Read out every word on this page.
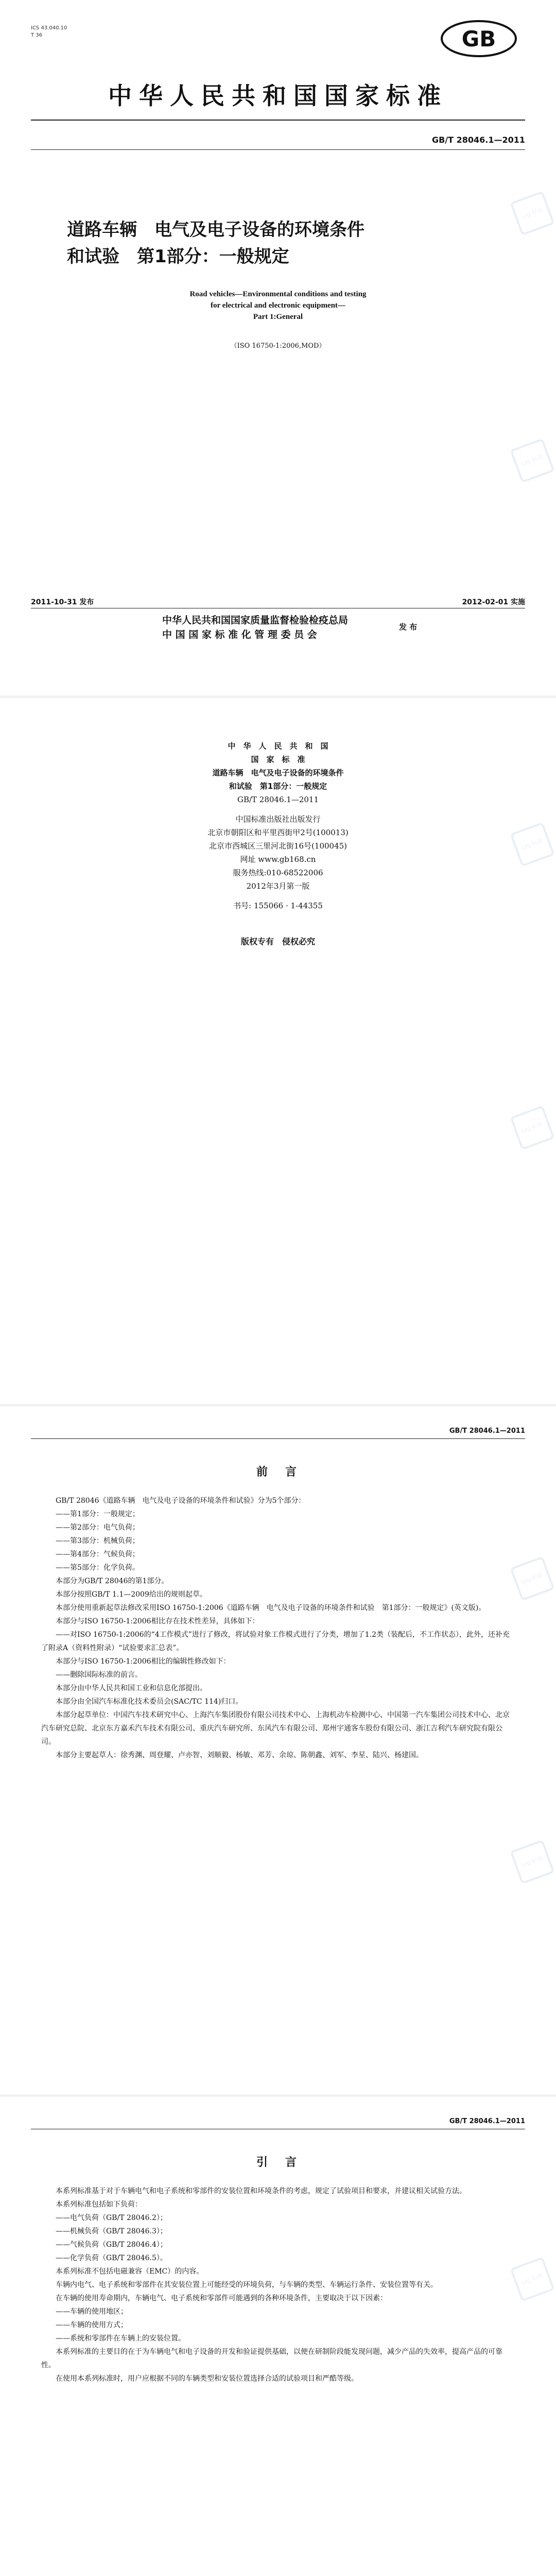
ICS 43.040.10
T 36	GB
中华人民共和国国家标准
GB/T 28046.1—2011
道路车辆　电气及电子设备的环境条件
和试验　第1部分：一般规定
Road vehicles—Environmental conditions and testing
for electrical and electronic equipment—
Part 1:General
（ISO 16750-1:2006,MOD）
2011-10-31 发布	2012-02-01 实施
中华人民共和国国家质量监督检验检疫总局
中 国 国 家 标 准 化 管 理 委 员 会
发 布
Lrg 标准
Lrg 标准
中　华　人　民　共　和　国
国　家　标　准
道路车辆　电气及电子设备的环境条件
和试验　第1部分：一般规定
GB/T 28046.1—2011
中国标准出版社出版发行
北京市朝阳区和平里西街甲2号(100013)
北京市西城区三里河北街16号(100045)
网址 www.gb168.cn
服务热线:010-68522006
2012年3月第一版
书号: 155066 · 1-44355
版权专有　侵权必究
Lrg 标准
Lrg 标准
GB/T 28046.1—2011
前　言

GB/T 28046《道路车辆　电气及电子设备的环境条件和试验》分为5个部分：

——第1部分：一般规定；

——第2部分：电气负荷；

——第3部分：机械负荷；

——第4部分：气候负荷；

——第5部分：化学负荷。

本部分为GB/T 28046的第1部分。

本部分按照GB/T 1.1—2009给出的规则起草。

本部分使用重新起草法修改采用ISO 16750-1:2006《道路车辆　电气及电子设备的环境条件和试验　第1部分：一般规定》(英文版)。

本部分与ISO 16750-1:2006相比存在技术性差异，具体如下：

——对ISO 16750-1:2006的“4工作模式”进行了修改，将试验对象工作模式进行了分类，增加了1.2类（装配后，不工作状态），此外，还补充了附录A（资料性附录）“试验要求汇总表”。

本部分与ISO 16750-1:2006相比的编辑性修改如下：

——删除国际标准的前言。

本部分由中华人民共和国工业和信息化部提出。

本部分由全国汽车标准化技术委员会(SAC/TC 114)归口。

本部分起草单位：中国汽车技术研究中心、上海汽车集团股份有限公司技术中心、上海机动车检测中心、中国第一汽车集团公司技术中心、北京汽车研究总院、北京东方嘉禾汽车技术有限公司、重庆汽车研究所、东风汽车有限公司、郑州宇通客车股份有限公司、浙江吉利汽车研究院有限公司。

本部分主要起草人：徐秀渊、周登耀、卢亦智、刘顺毅、杨敏、邓芳、余琼、陈朝鑫、刘军、李星、陆兴、杨建国。

Lrg 标准
Lrg 标准
GB/T 28046.1—2011
引　言

本系列标准基于对于车辆电气和电子系统和零部件的安装位置和环境条件的考虑，规定了试验项目和要求，并建议相关试验方法。

本系列标准包括如下负荷：

——电气负荷（GB/T 28046.2）；

——机械负荷（GB/T 28046.3）；

——气候负荷（GB/T 28046.4）；

——化学负荷（GB/T 28046.5）。

本系列标准不包括电磁兼容（EMC）的内容。

车辆内电气、电子系统和零部件在其安装位置上可能经受的环境负荷，与车辆的类型、车辆运行条件、安装位置等有关。

在车辆的使用寿命期内，车辆电气、电子系统和零部件可能遇到的各种环境条件，主要取决于以下因素：

——车辆的使用地区；

——车辆的使用方式；

——系统和零部件在车辆上的安装位置。

本系列标准的主要目的在于为车辆电气和电子设备的开发和验证提供基础，以便在研制阶段能发现问题，减少产品的失效率，提高产品的可靠性。

在使用本系列标准时，用户应根据不同的车辆类型和安装位置选择合适的试验项目和严酷等级。

Lrg 标准
